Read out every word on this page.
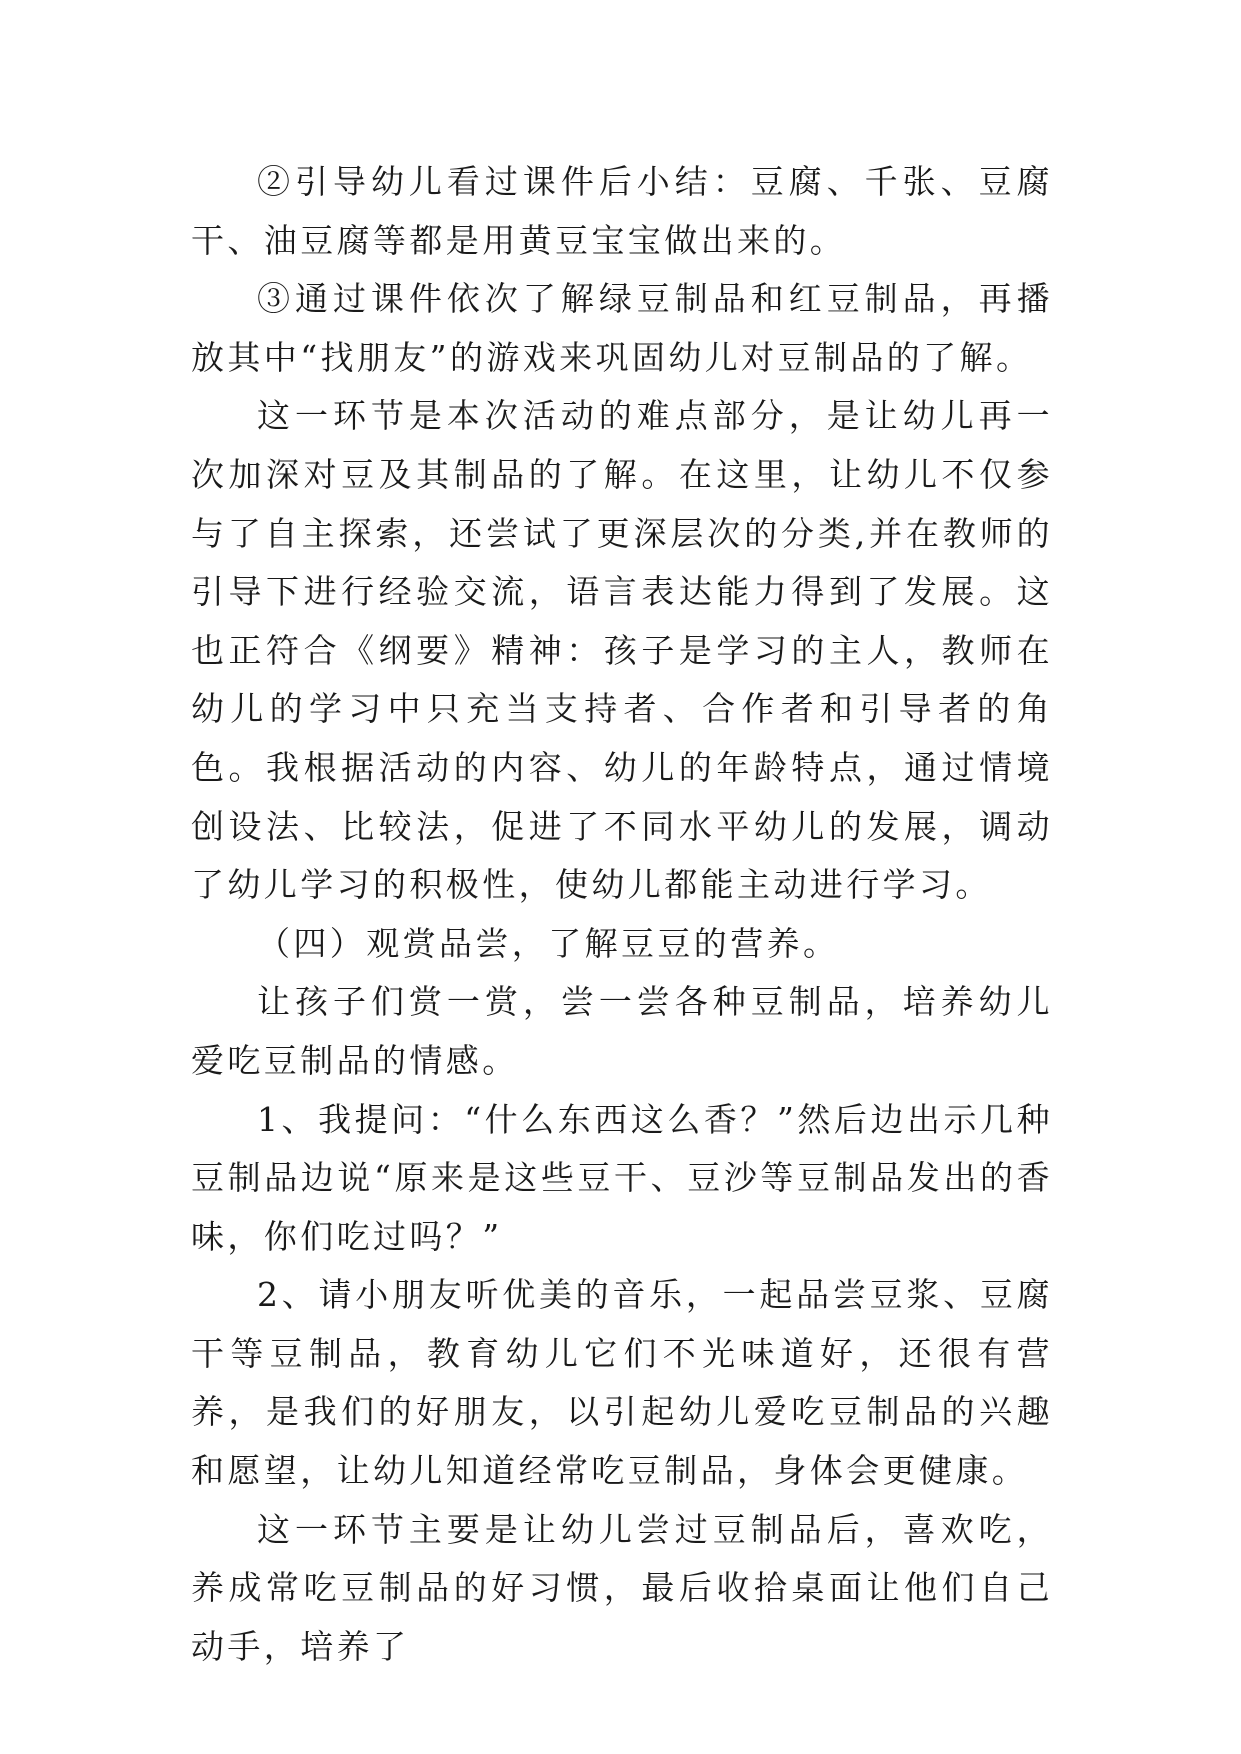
②引导幼儿看过课件后小结：豆腐、千张、豆腐干、油豆腐等都是用黄豆宝宝做出来的。

③通过课件依次了解绿豆制品和红豆制品，再播放其中“找朋友”的游戏来巩固幼儿对豆制品的了解。

这一环节是本次活动的难点部分，是让幼儿再一次加深对豆及其制品的了解。在这里，让幼儿不仅参与了自主探索，还尝试了更深层次的分类,并在教师的引导下进行经验交流，语言表达能力得到了发展。这也正符合《纲要》精神：孩子是学习的主人，教师在幼儿的学习中只充当支持者、合作者和引导者的角色。我根据活动的内容、幼儿的年龄特点，通过情境创设法、比较法，促进了不同水平幼儿的发展，调动了幼儿学习的积极性，使幼儿都能主动进行学习。

（四）观赏品尝，了解豆豆的营养。

让孩子们赏一赏，尝一尝各种豆制品，培养幼儿爱吃豆制品的情感。

1、我提问：“什么东西这么香？”然后边出示几种豆制品边说“原来是这些豆干、豆沙等豆制品发出的香味，你们吃过吗？”

2、请小朋友听优美的音乐，一起品尝豆浆、豆腐干等豆制品，教育幼儿它们不光味道好，还很有营养，是我们的好朋友，以引起幼儿爱吃豆制品的兴趣和愿望，让幼儿知道经常吃豆制品，身体会更健康。

这一环节主要是让幼儿尝过豆制品后，喜欢吃，养成常吃豆制品的好习惯，最后收拾桌面让他们自己动手，培养了
